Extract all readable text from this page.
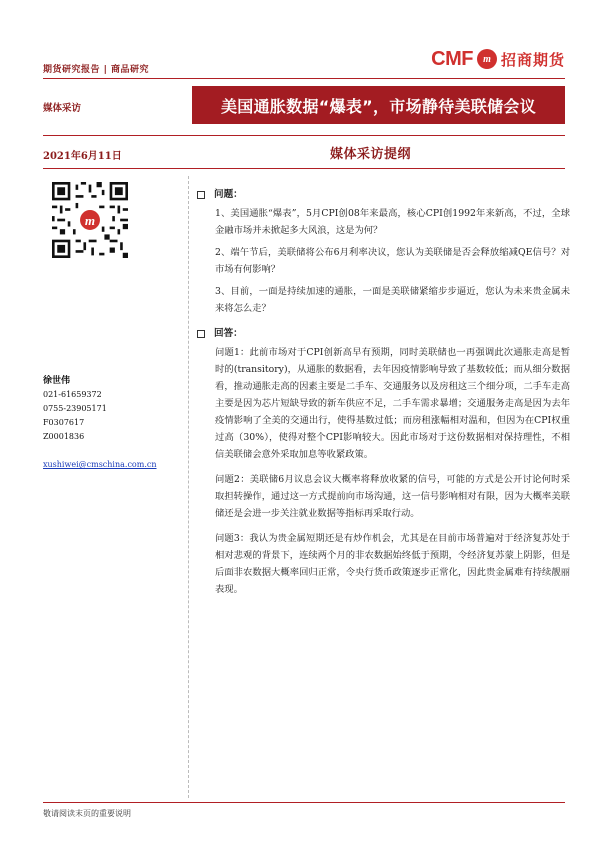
期货研究报告 | 商品研究
CMF	m 招商期货
媒体采访	美国通胀数据“爆表”，市场静待美联储会议
2021年6月11日	媒体采访提纲
m
徐世伟
021-61659372
0755-23905171
F0307617
Z0001836
xushiwei@cmschina.com.cn
问题：
1、美国通胀“爆表”，5月CPI创08年来最高，核心CPI创1992年来新高，不过，全球金融市场并未掀起多大风浪，这是为何？
2、端午节后，美联储将公布6月利率决议，您认为美联储是否会释放缩减QE信号？对市场有何影响？
3、目前，一面是持续加速的通胀，一面是美联储紧缩步步逼近，您认为未来贵金属未来将怎么走？
回答：
问题1：此前市场对于CPI创新高早有预期，同时美联储也一再强调此次通胀走高是暂时的(transitory)，从通胀的数据看，去年因疫情影响导致了基数较低；而从细分数据看，推动通胀走高的因素主要是二手车、交通服务以及房租这三个细分项，二手车走高主要是因为芯片短缺导致的新车供应不足，二手车需求暴增；交通服务走高是因为去年疫情影响了全美的交通出行，使得基数过低；而房租涨幅相对温和，但因为在CPI权重过高（30%），使得对整个CPI影响较大。因此市场对于这份数据相对保持理性，不相信美联储会意外采取加息等收紧政策。
问题2：美联储6月议息会议大概率将释放收紧的信号，可能的方式是公开讨论何时采取担转操作，通过这一方式提前向市场沟通，这一信号影响相对有限，因为大概率美联储还是会进一步关注就业数据等指标再采取行动。
问题3：我认为贵金属短期还是有炒作机会，尤其是在目前市场普遍对于经济复苏处于相对悲观的背景下，连续两个月的非农数据始终低于预期，令经济复苏蒙上阴影，但是后面非农数据大概率回归正常，令央行货币政策逐步正常化，因此贵金属难有持续靓丽表现。
敬请阅读末页的重要说明
